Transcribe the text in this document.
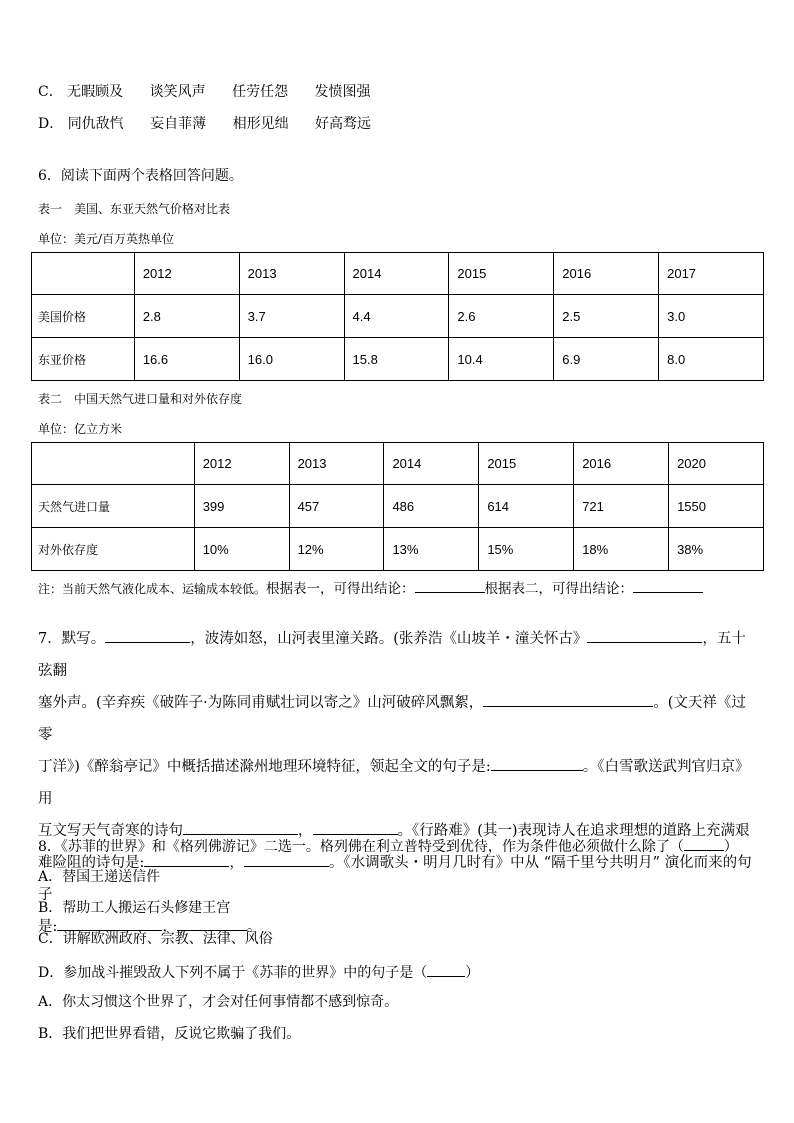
C． 无暇顾及 谈笑风声 任劳任怨 发愤图强
D． 同仇敌忾 妄自菲薄 相形见绌 好高骛远
6．阅读下面两个表格回答问题。
表一　美国、东亚天然气价格对比表
单位：美元/百万英热单位
	2012	2013	2014	2015	2016	2017
美国价格	2.8	3.7	4.4	2.6	2.5	3.0
东亚价格	16.6	16.0	15.8	10.4	6.9	8.0
表二　中国天然气进口量和对外依存度
单位：亿立方米
	2012	2013	2014	2015	2016	2020
天然气进口量	399	457	486	614	721	1550
对外依存度	10%	12%	13%	15%	18%	38%
注：当前天然气液化成本、运输成本较低。根据表一，可得出结论：	根据表二，可得出结论：
7．默写。	，波涛如怒，山河表里潼关路。(张养浩《山坡羊・潼关怀古》	，五十弦翻
塞外声。(辛弃疾《破阵子·为陈同甫赋壮词以寄之》山河破碎风飘絮，	。(文天祥《过零
丁洋》)《醉翁亭记》中概括描述滁州地理环境特征，领起全文的句子是:	。《白雪歌送武判官归京》用
互文写天气奇寒的诗句	，	。《行路难》(其一)表现诗人在追求理想的道路上充满艰
难险阻的诗句是:	，	。《水调歌头・明月几时有》中从 “隔千里兮共明月” 演化而来的句子
是:	，	。
8．《苏菲的世界》和《格列佛游记》二选一。格列佛在利立普特受到优待，作为条件他必须做什么除了（	）
A．替国王递送信件
B．帮助工人搬运石头修建王宫
C．讲解欧洲政府、宗教、法律、风俗
D．参加战斗摧毁敌人下列不属于《苏菲的世界》中的句子是（	）
A．你太习惯这个世界了，才会对任何事情都不感到惊奇。
B．我们把世界看错，反说它欺骗了我们。
